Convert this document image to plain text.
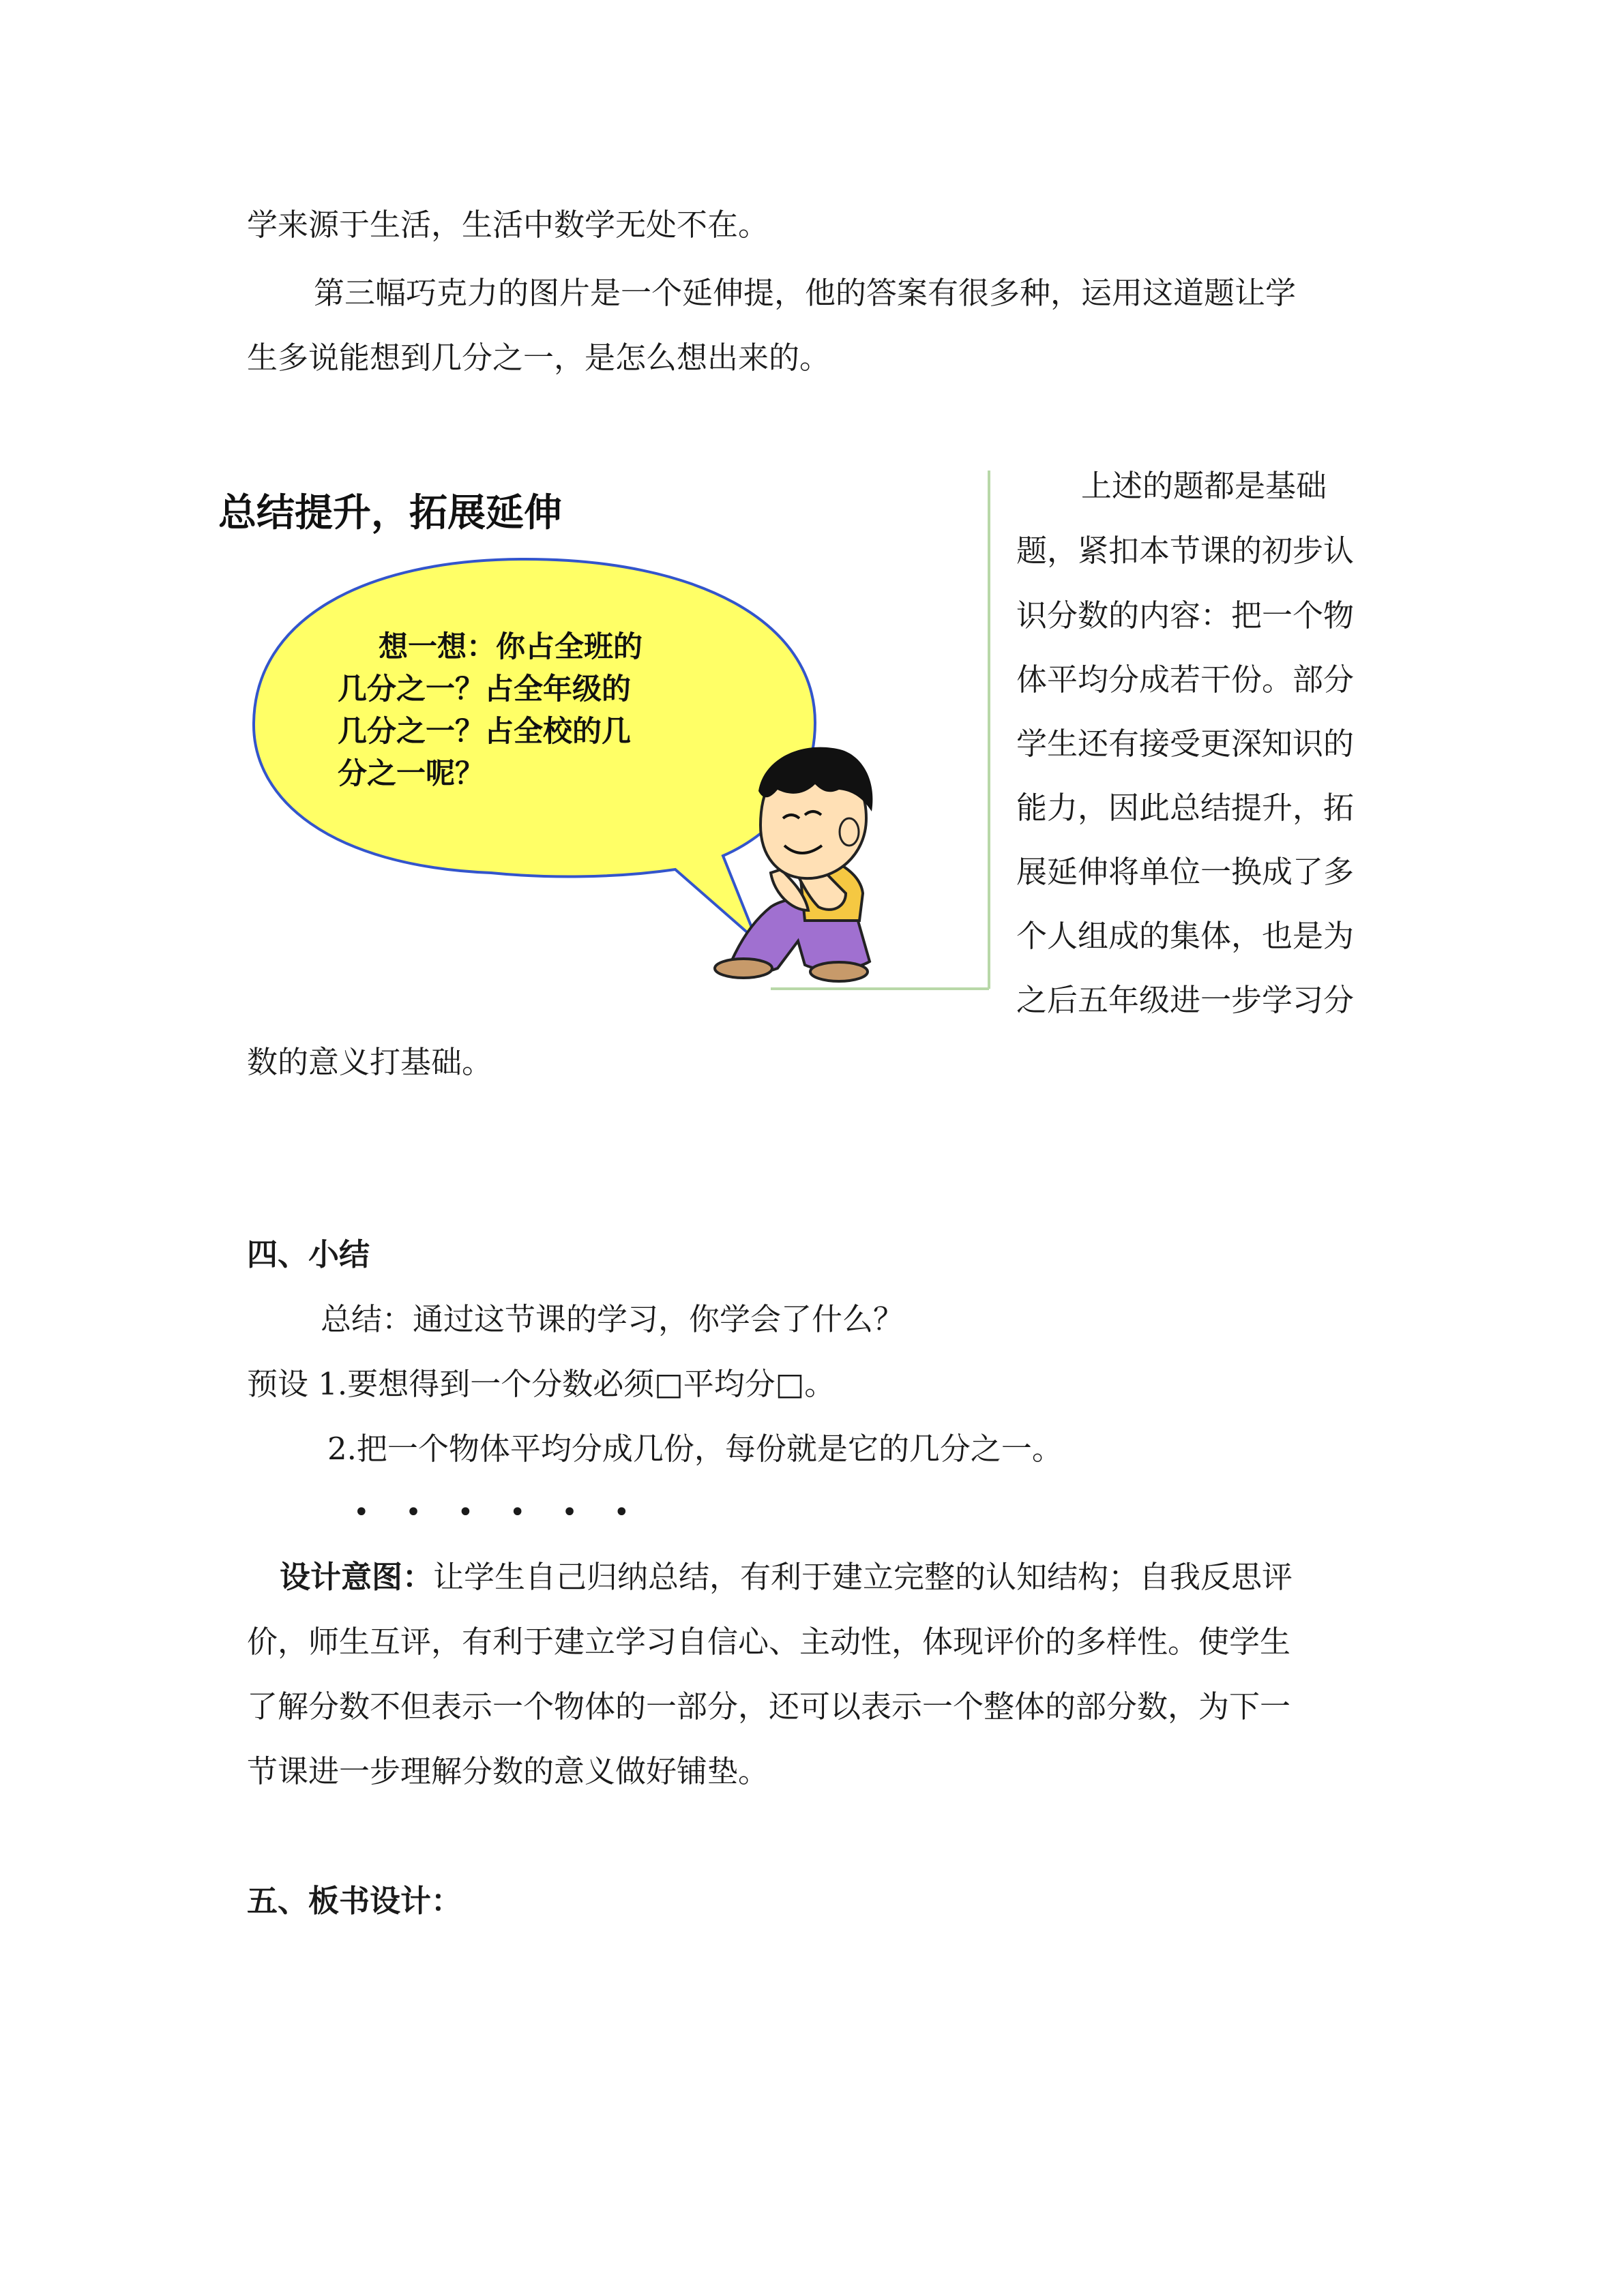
学来源于生活，生活中数学无处不在。
第三幅巧克力的图片是一个延伸提，他的答案有很多种，运用这道题让学
生多说能想到几分之一，是怎么想出来的。
总结提升，拓展延伸
想一想：你占全班的
几分之一？占全年级的
几分之一？占全校的几
分之一呢？
上述的题都是基础
题，紧扣本节课的初步认
识分数的内容：把一个物
体平均分成若干份。部分
学生还有接受更深知识的
能力，因此总结提升，拓
展延伸将单位一换成了多
个人组成的集体，也是为
之后五年级进一步学习分
数的意义打基础。
四、小结
总结：通过这节课的学习，你学会了什么？
预设 1.要想得到一个分数必须□平均分□。
2.把一个物体平均分成几份，每份就是它的几分之一。
• • • • • •
设计意图：让学生自己归纳总结，有利于建立完整的认知结构；自我反思评
价，师生互评，有利于建立学习自信心、主动性，体现评价的多样性。使学生
了解分数不但表示一个物体的一部分，还可以表示一个整体的部分数，为下一
节课进一步理解分数的意义做好铺垫。
五、板书设计：
